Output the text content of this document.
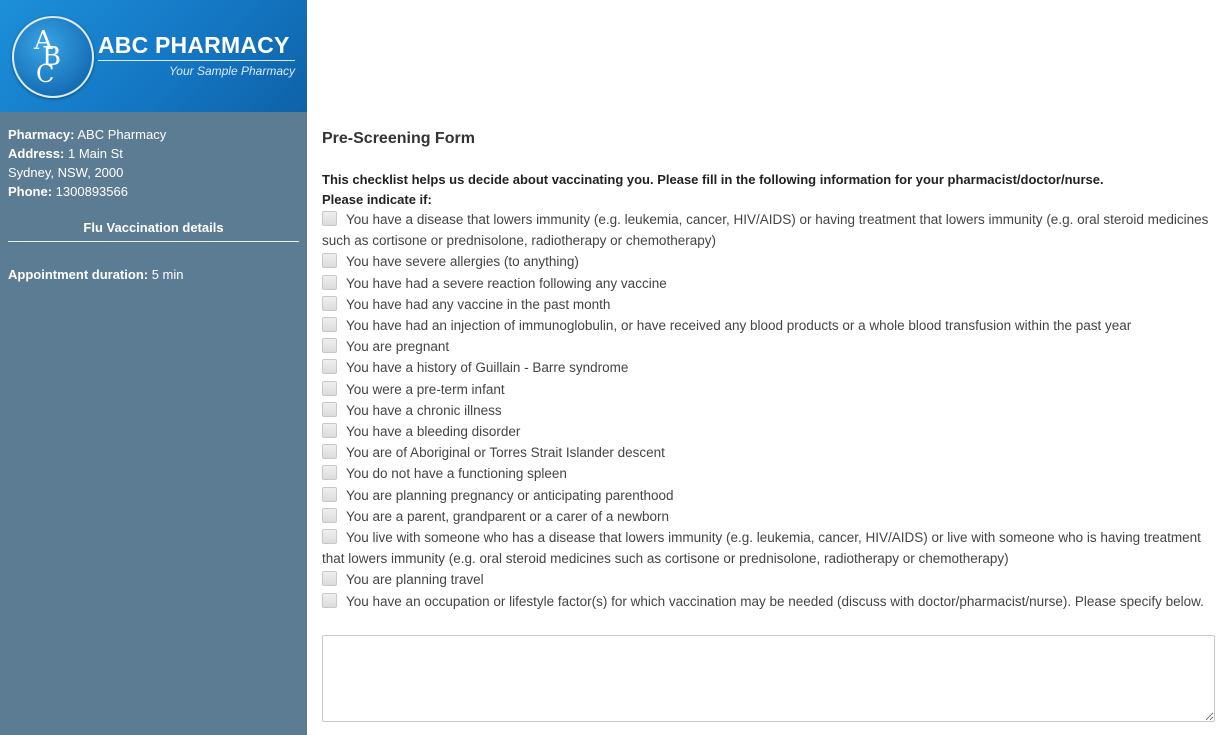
A
B
C
ABC PHARMACY
Your Sample Pharmacy
Pharmacy: ABC Pharmacy
Address: 1 Main St
Sydney, NSW, 2000
Phone: 1300893566
Flu Vaccination details
Appointment duration: 5 min
Pre-Screening Form
This checklist helps us decide about vaccinating you. Please fill in the following information for your pharmacist/doctor/nurse.
Please indicate if:
You have a disease that lowers immunity (e.g. leukemia, cancer, HIV/AIDS) or having treatment that lowers immunity (e.g. oral steroid medicines such as cortisone or prednisolone, radiotherapy or chemotherapy)
You have severe allergies (to anything)
You have had a severe reaction following any vaccine
You have had any vaccine in the past month
You have had an injection of immunoglobulin, or have received any blood products or a whole blood transfusion within the past year
You are pregnant
You have a history of Guillain - Barre syndrome
You were a pre-term infant
You have a chronic illness
You have a bleeding disorder
You are of Aboriginal or Torres Strait Islander descent
You do not have a functioning spleen
You are planning pregnancy or anticipating parenthood
You are a parent, grandparent or a carer of a newborn
You live with someone who has a disease that lowers immunity (e.g. leukemia, cancer, HIV/AIDS) or live with someone who is having treatment that lowers immunity (e.g. oral steroid medicines such as cortisone or prednisolone, radiotherapy or chemotherapy)
You are planning travel
You have an occupation or lifestyle factor(s) for which vaccination may be needed (discuss with doctor/pharmacist/nurse). Please specify below.
